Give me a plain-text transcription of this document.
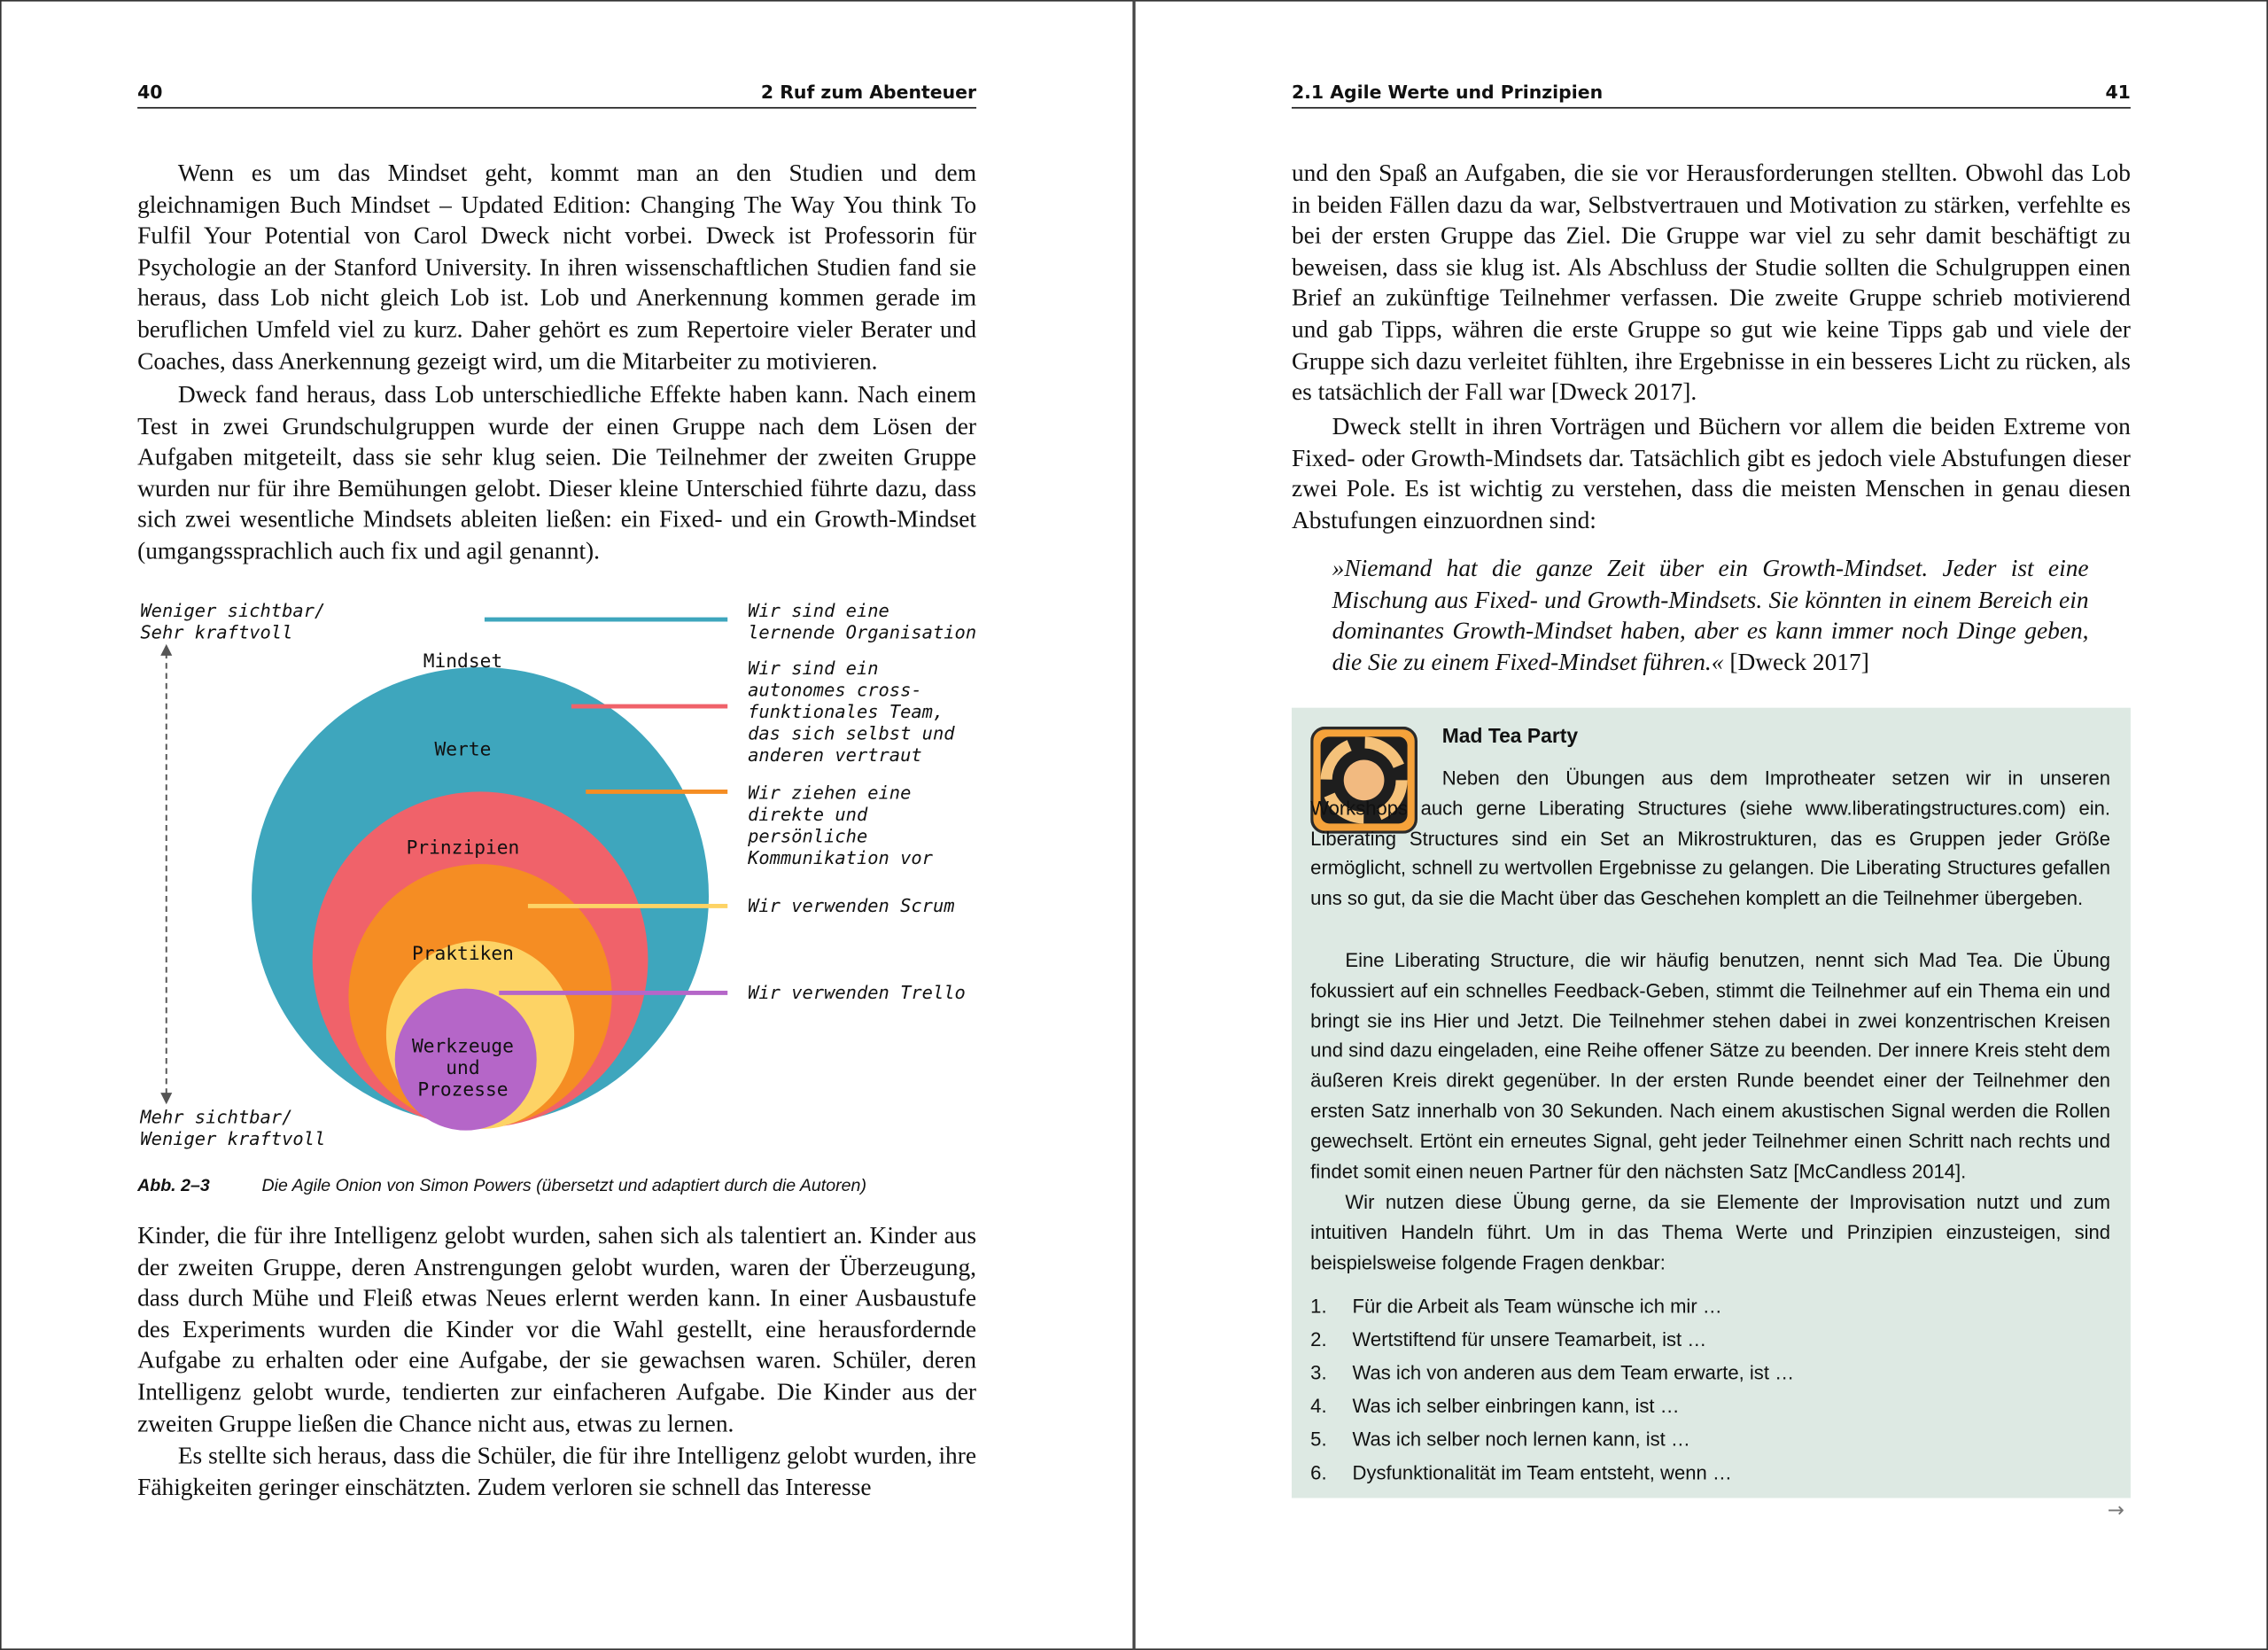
40	2 Ruf zum Abenteuer

Wenn es um das Mindset geht, kommt man an den Studien und dem gleichnamigen Buch Mindset – Updated Edition: Changing The Way You think To Fulfil Your Potential von Carol Dweck nicht vorbei. Dweck ist Professorin für Psychologie an der Stanford University. In ihren wissenschaftlichen Studien fand sie heraus, dass Lob nicht gleich Lob ist. Lob und Anerkennung kommen gerade im beruflichen Umfeld viel zu kurz. Daher gehört es zum Repertoire vieler Berater und Coaches, dass Anerkennung gezeigt wird, um die Mitarbeiter zu motivieren.

Dweck fand heraus, dass Lob unterschiedliche Effekte haben kann. Nach einem Test in zwei Grundschulgruppen wurde der einen Gruppe nach dem Lösen der Aufgaben mitgeteilt, dass sie sehr klug seien. Die Teilnehmer der zweiten Gruppe wurden nur für ihre Bemühungen gelobt. Dieser kleine Unterschied führte dazu, dass sich zwei wesentliche Mindsets ableiten ließen: ein Fixed- und ein Growth-Mindset (umgangssprachlich auch fix und agil genannt).

Mindset
Werte
Prinzipien
Praktiken
Werkzeuge
und
Prozesse
Weniger sichtbar/ Sehr kraftvoll
Mehr sichtbar/ Weniger kraftvoll
Wir sind eine lernende Organisation
Wir sind ein autonomes cross-funktionales Team, das sich selbst und anderen vertraut
Wir ziehen eine direkte und persönliche Kommunikation vor
Wir verwenden Scrum
Wir verwenden Trello
Abb. 2–3	Die Agile Onion von Simon Powers (übersetzt und adaptiert durch die Autoren)

Kinder, die für ihre Intelligenz gelobt wurden, sahen sich als talentiert an. Kinder aus der zweiten Gruppe, deren Anstrengungen gelobt wurden, waren der Überzeugung, dass durch Mühe und Fleiß etwas Neues erlernt werden kann. In einer Ausbaustufe des Experiments wurden die Kinder vor die Wahl gestellt, eine herausfordernde Aufgabe zu erhalten oder eine Aufgabe, der sie gewachsen waren. Schüler, deren Intelligenz gelobt wurde, tendierten zur einfacheren Aufgabe. Die Kinder aus der zweiten Gruppe ließen die Chance nicht aus, etwas zu lernen.

Es stellte sich heraus, dass die Schüler, die für ihre Intelligenz gelobt wurden, ihre Fähigkeiten geringer einschätzten. Zudem verloren sie schnell das Interesse

2.1 Agile Werte und Prinzipien	41

und den Spaß an Aufgaben, die sie vor Herausforderungen stellten. Obwohl das Lob in beiden Fällen dazu da war, Selbstvertrauen und Motivation zu stärken, verfehlte es bei der ersten Gruppe das Ziel. Die Gruppe war viel zu sehr damit beschäftigt zu beweisen, dass sie klug ist. Als Abschluss der Studie sollten die Schulgruppen einen Brief an zukünftige Teilnehmer verfassen. Die zweite Gruppe schrieb motivierend und gab Tipps, währen die erste Gruppe so gut wie keine Tipps gab und viele der Gruppe sich dazu verleitet fühlten, ihre Ergebnisse in ein besseres Licht zu rücken, als es tatsächlich der Fall war [Dweck 2017].

Dweck stellt in ihren Vorträgen und Büchern vor allem die beiden Extreme von Fixed- oder Growth-Mindsets dar. Tatsächlich gibt es jedoch viele Abstufungen dieser zwei Pole. Es ist wichtig zu verstehen, dass die meisten Menschen in genau diesen Abstufungen einzuordnen sind:

»Niemand hat die ganze Zeit über ein Growth-Mindset. Jeder ist eine Mischung aus Fixed- und Growth-Mindsets. Sie könnten in einem Bereich ein dominantes Growth-Mindset haben, aber es kann immer noch Dinge geben, die Sie zu einem Fixed-Mindset führen.« [Dweck 2017]

Mad Tea Party

Neben den Übungen aus dem Improtheater setzen wir in unseren Workshops auch gerne Liberating Structures (siehe www.liberatingstructures.com) ein. Liberating Structures sind ein Set an Mikrostrukturen, das es Gruppen jeder Größe ermöglicht, schnell zu wertvollen Ergebnisse zu gelangen. Die Liberating Structures gefallen uns so gut, da sie die Macht über das Geschehen komplett an die Teilnehmer übergeben.

Eine Liberating Structure, die wir häufig benutzen, nennt sich Mad Tea. Die Übung fokussiert auf ein schnelles Feedback-Geben, stimmt die Teilnehmer auf ein Thema ein und bringt sie ins Hier und Jetzt. Die Teilnehmer stehen dabei in zwei konzentrischen Kreisen und sind dazu eingeladen, eine Reihe offener Sätze zu beenden. Der innere Kreis steht dem äußeren Kreis direkt gegenüber. In der ersten Runde beendet einer der Teilnehmer den ersten Satz innerhalb von 30 Sekunden. Nach einem akustischen Signal werden die Rollen gewechselt. Ertönt ein erneutes Signal, geht jeder Teilnehmer einen Schritt nach rechts und findet somit einen neuen Partner für den nächsten Satz [McCandless 2014].

Wir nutzen diese Übung gerne, da sie Elemente der Improvisation nutzt und zum intuitiven Handeln führt. Um in das Thema Werte und Prinzipien einzusteigen, sind beispielsweise folgende Fragen denkbar:

1. Für die Arbeit als Team wünsche ich mir …
2. Wertstiftend für unsere Teamarbeit, ist …
3. Was ich von anderen aus dem Team erwarte, ist …
4. Was ich selber einbringen kann, ist …
5. Was ich selber noch lernen kann, ist …
6. Dysfunktionalität im Team entsteht, wenn …
→
